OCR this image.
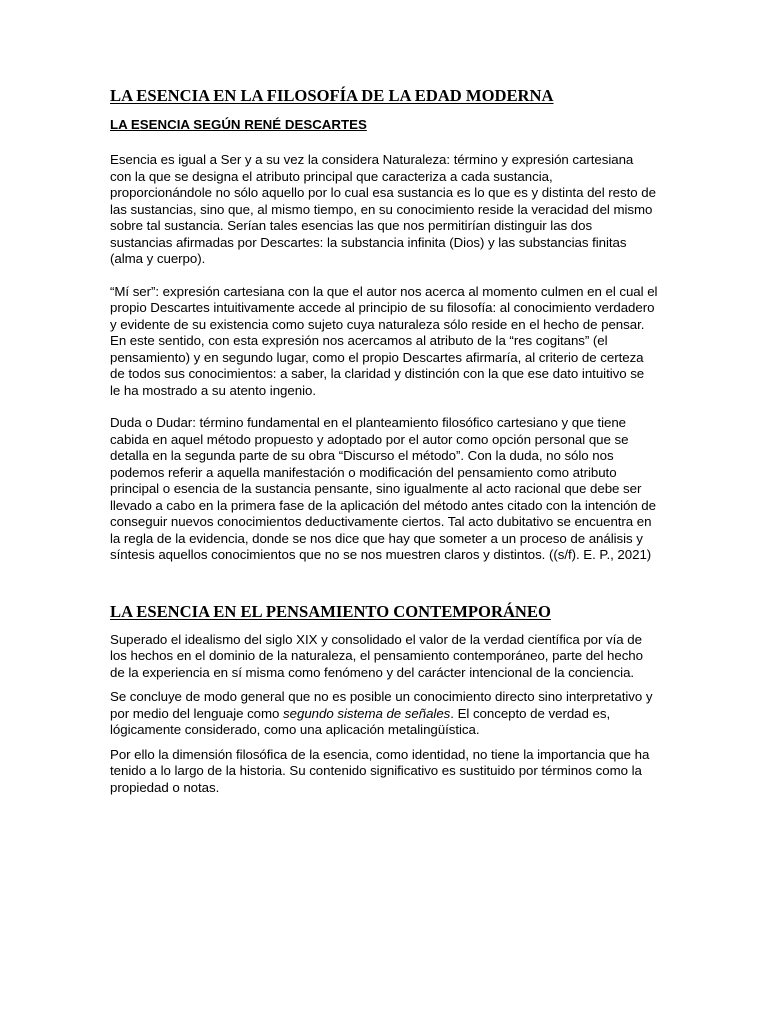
LA ESENCIA EN LA FILOSOFÍA DE LA EDAD MODERNA
LA ESENCIA SEGÚN RENÉ DESCARTES

Esencia es igual a Ser y a su vez la considera Naturaleza: término y expresión cartesiana con la que se designa el atributo principal que caracteriza a cada sustancia, proporcionándole no sólo aquello por lo cual esa sustancia es lo que es y distinta del resto de las sustancias, sino que, al mismo tiempo, en su conocimiento reside la veracidad del mismo sobre tal sustancia. Serían tales esencias las que nos permitirían distinguir las dos sustancias afirmadas por Descartes: la substancia infinita (Dios) y las substancias finitas (alma y cuerpo).

“Mí ser”: expresión cartesiana con la que el autor nos acerca al momento culmen en el cual el propio Descartes intuitivamente accede al principio de su filosofía: al conocimiento verdadero y evidente de su existencia como sujeto cuya naturaleza sólo reside en el hecho de pensar. En este sentido, con esta expresión nos acercamos al atributo de la “res cogitans” (el pensamiento) y en segundo lugar, como el propio Descartes afirmaría, al criterio de certeza de todos sus conocimientos: a saber, la claridad y distinción con la que ese dato intuitivo se le ha mostrado a su atento ingenio.

Duda o Dudar: término fundamental en el planteamiento filosófico cartesiano y que tiene cabida en aquel método propuesto y adoptado por el autor como opción personal que se detalla en la segunda parte de su obra “Discurso el método”. Con la duda, no sólo nos podemos referir a aquella manifestación o modificación del pensamiento como atributo principal o esencia de la sustancia pensante, sino igualmente al acto racional que debe ser llevado a cabo en la primera fase de la aplicación del método antes citado con la intención de conseguir nuevos conocimientos deductivamente ciertos. Tal acto dubitativo se encuentra en la regla de la evidencia, donde se nos dice que hay que someter a un proceso de análisis y síntesis aquellos conocimientos que no se nos muestren claros y distintos. ((s/f). E. P., 2021)

LA ESENCIA EN EL PENSAMIENTO CONTEMPORÁNEO

Superado el idealismo del siglo XIX y consolidado el valor de la verdad científica por vía de los hechos en el dominio de la naturaleza, el pensamiento contemporáneo, parte del hecho de la experiencia en sí misma como fenómeno y del carácter intencional de la conciencia.

Se concluye de modo general que no es posible un conocimiento directo sino interpretativo y por medio del lenguaje como segundo sistema de señales. El concepto de verdad es, lógicamente considerado, como una aplicación metalingüística.

Por ello la dimensión filosófica de la esencia, como identidad, no tiene la importancia que ha tenido a lo largo de la historia. Su contenido significativo es sustituido por términos como la propiedad o notas.
